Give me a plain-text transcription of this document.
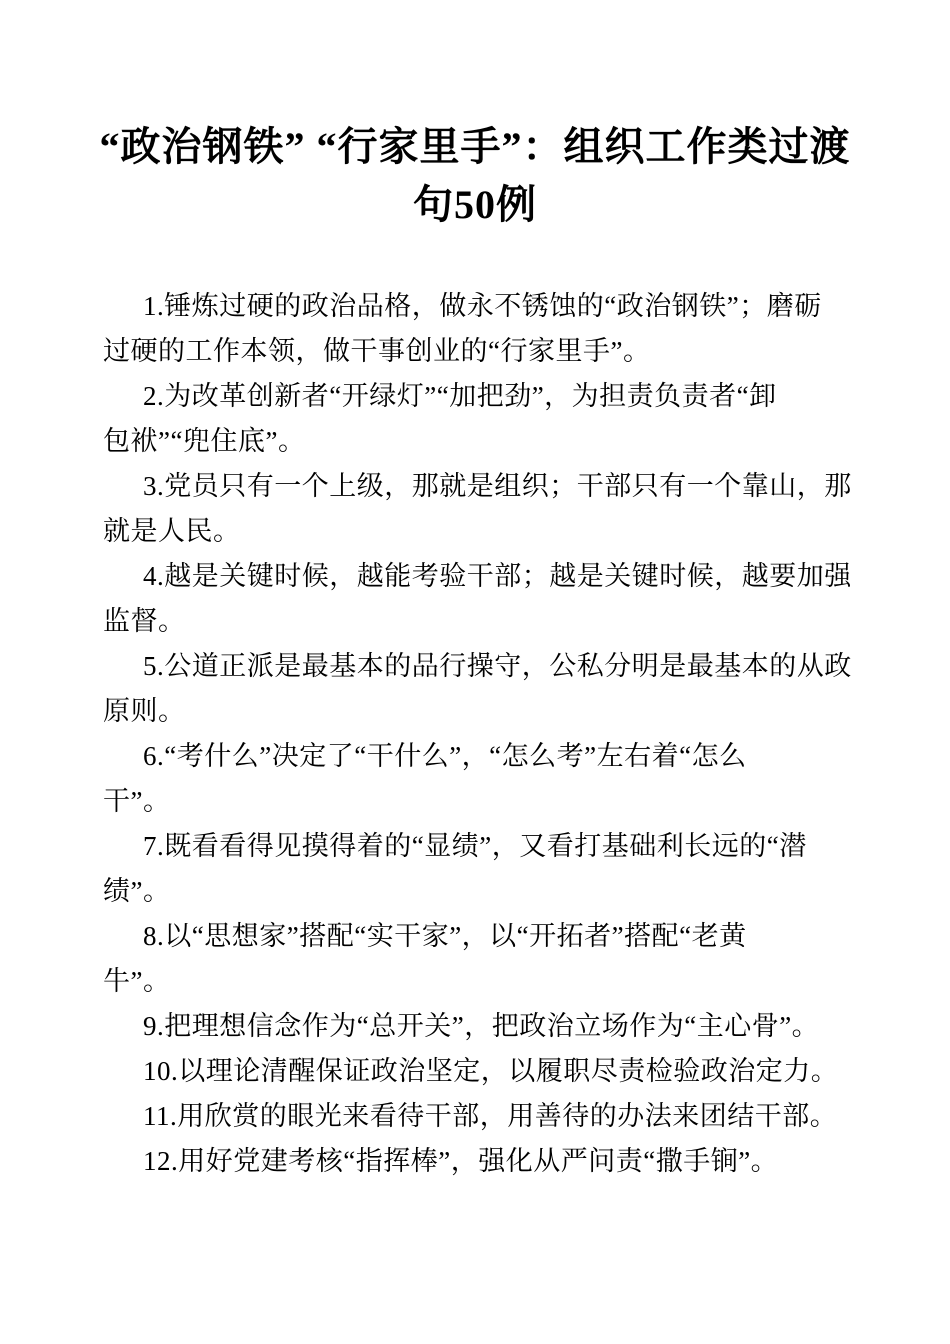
“政治钢铁” “行家里手”：组织工作类过渡
句50例
1.锤炼过硬的政治品格，做永不锈蚀的“政治钢铁”；磨砺
过硬的工作本领，做干事创业的“行家里手”。
2.为改革创新者“开绿灯”“加把劲”，为担责负责者“卸
包袱”“兜住底”。
3.党员只有一个上级，那就是组织；干部只有一个靠山，那
就是人民。
4.越是关键时候，越能考验干部；越是关键时候，越要加强
监督。
5.公道正派是最基本的品行操守，公私分明是最基本的从政
原则。
6.“考什么”决定了“干什么”，“怎么考”左右着“怎么
干”。
7.既看看得见摸得着的“显绩”，又看打基础利长远的“潜
绩”。
8.以“思想家”搭配“实干家”，以“开拓者”搭配“老黄
牛”。
9.把理想信念作为“总开关”，把政治立场作为“主心骨”。
10.以理论清醒保证政治坚定，以履职尽责检验政治定力。
11.用欣赏的眼光来看待干部，用善待的办法来团结干部。
12.用好党建考核“指挥棒”，强化从严问责“撒手锏”。
